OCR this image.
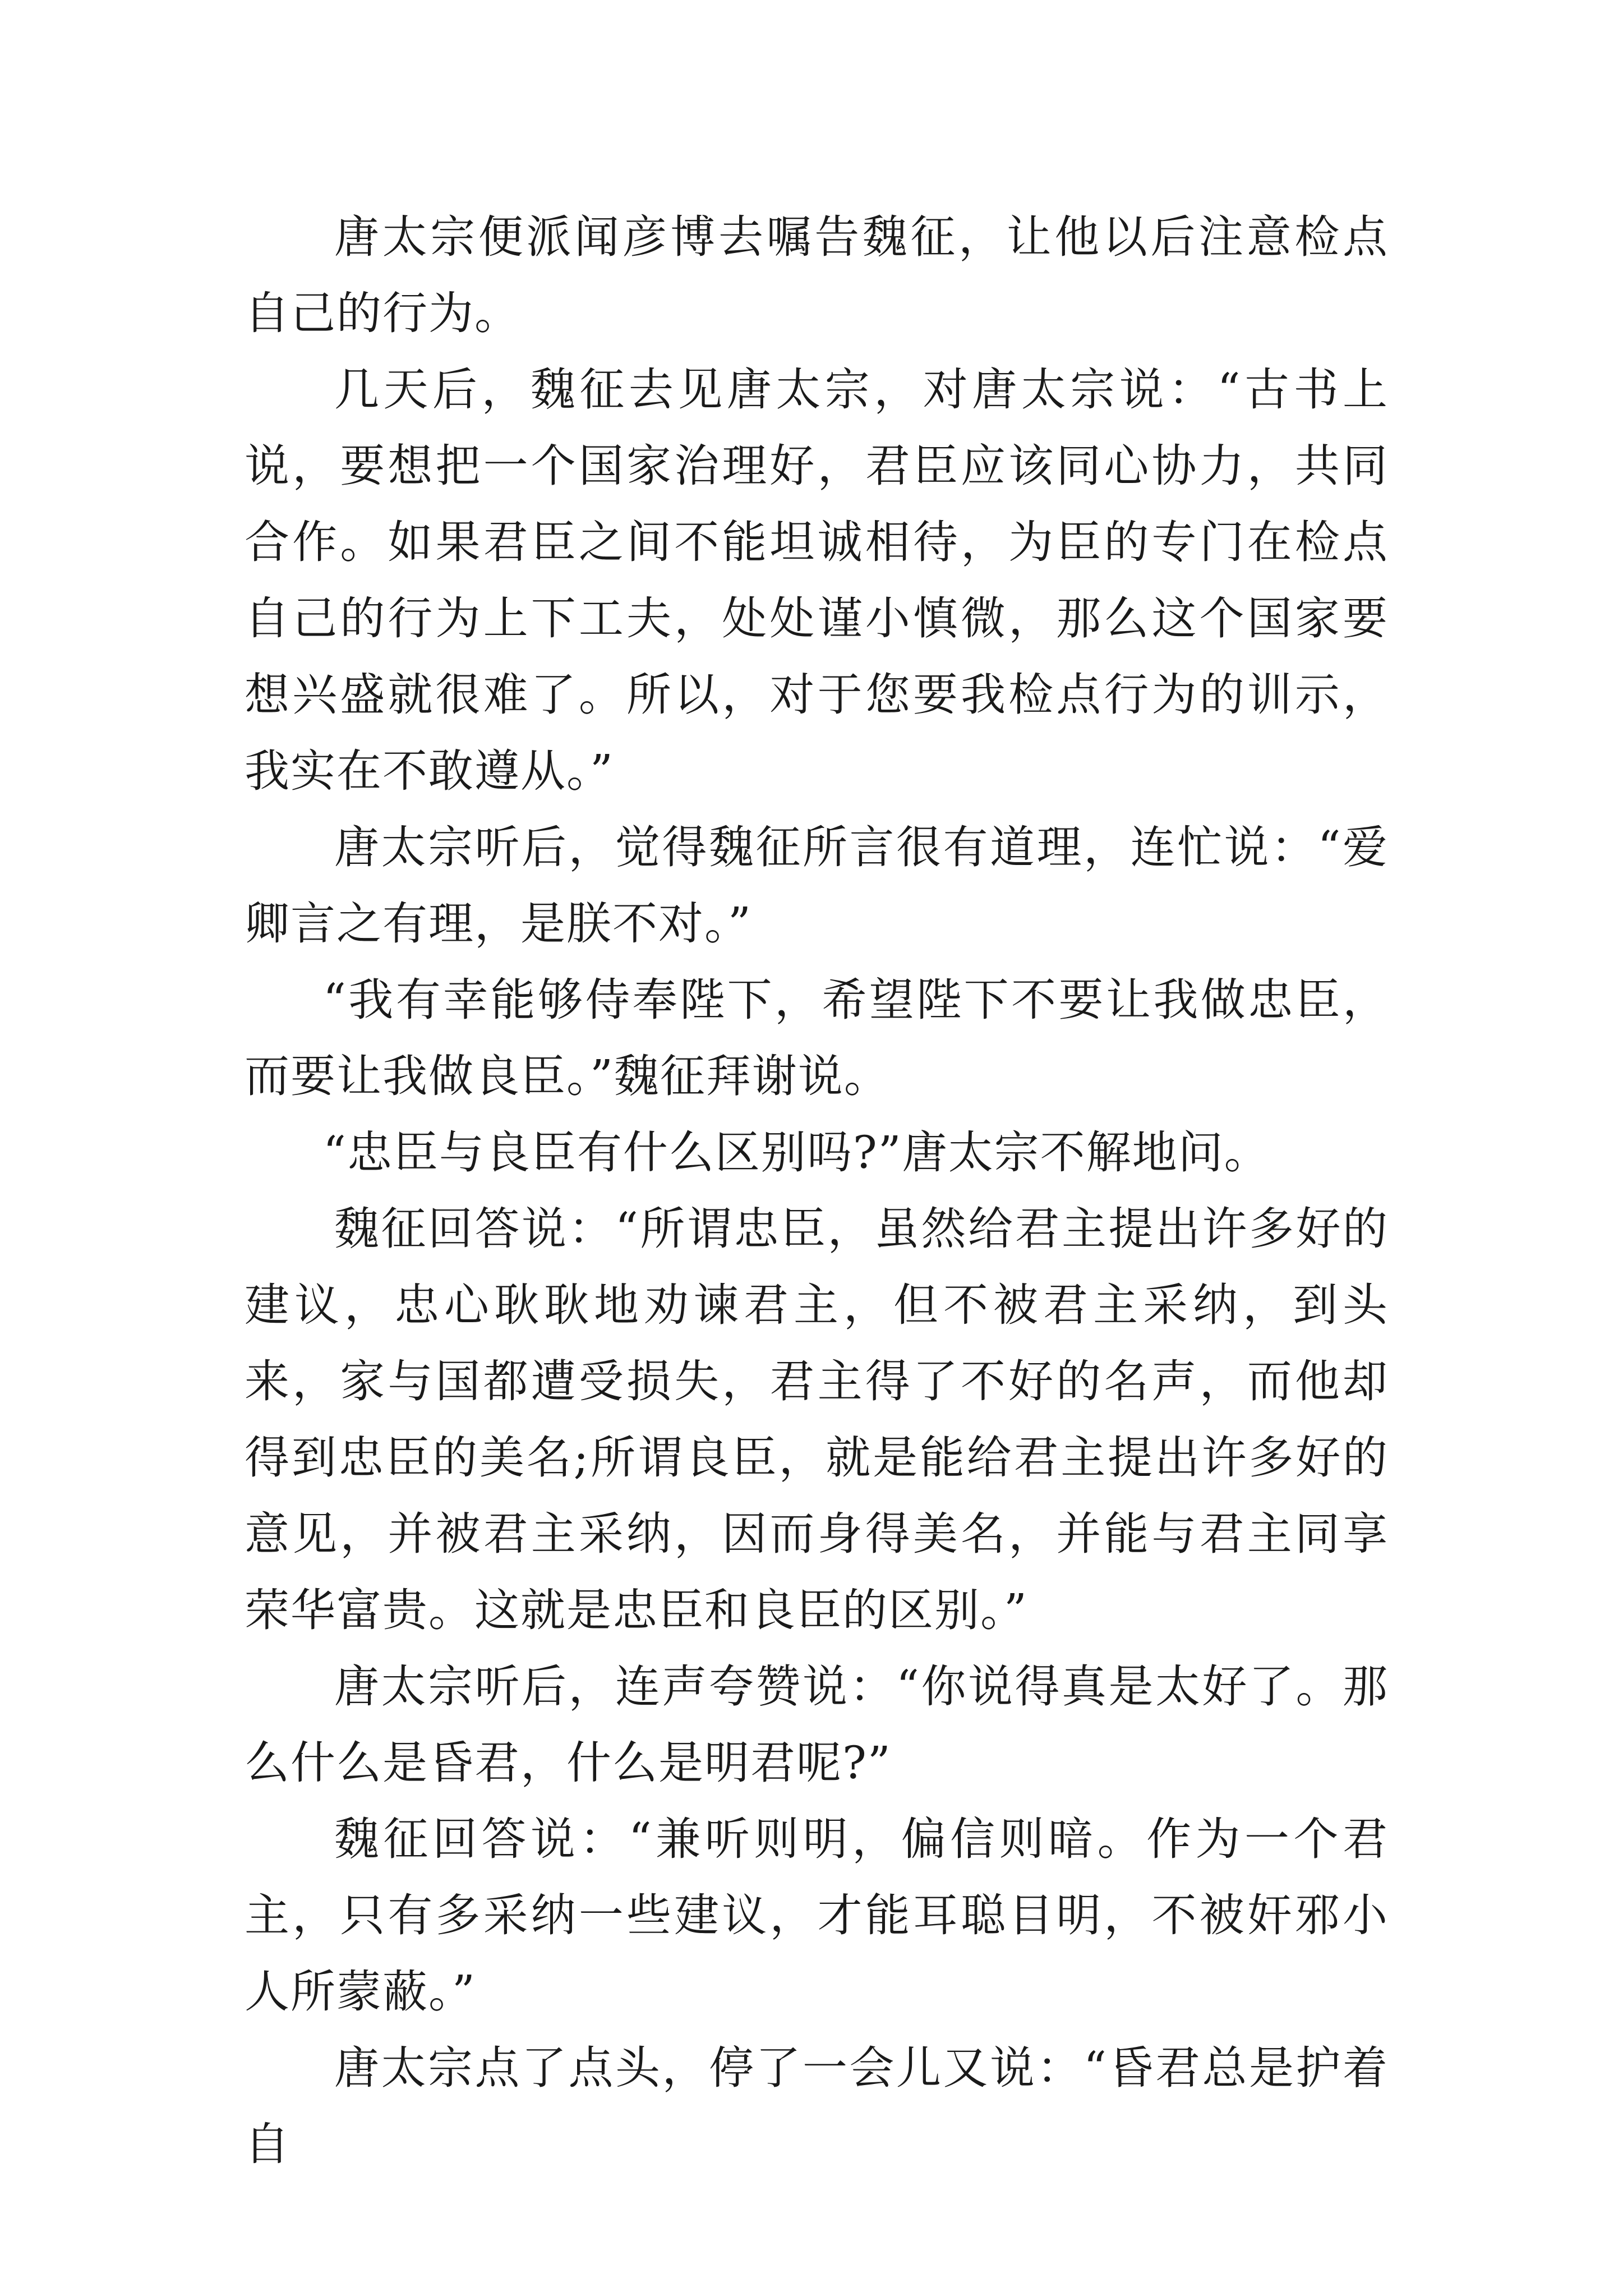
唐太宗便派闻彦博去嘱告魏征，让他以后注意检点自己的行为。

几天后，魏征去见唐太宗，对唐太宗说：“古书上说，要想把一个国家治理好，君臣应该同心协力，共同合作。如果君臣之间不能坦诚相待，为臣的专门在检点自己的行为上下工夫，处处谨小慎微，那么这个国家要想兴盛就很难了。所以，对于您要我检点行为的训示，我实在不敢遵从。”

唐太宗听后，觉得魏征所言很有道理，连忙说：“爱卿言之有理，是朕不对。”

“我有幸能够侍奉陛下，希望陛下不要让我做忠臣，而要让我做良臣。”魏征拜谢说。

“忠臣与良臣有什么区别吗?”唐太宗不解地问。

魏征回答说：“所谓忠臣，虽然给君主提出许多好的建议，忠心耿耿地劝谏君主，但不被君主采纳，到头来，家与国都遭受损失，君主得了不好的名声，而他却得到忠臣的美名;所谓良臣，就是能给君主提出许多好的意见，并被君主采纳，因而身得美名，并能与君主同享荣华富贵。这就是忠臣和良臣的区别。”

唐太宗听后，连声夸赞说：“你说得真是太好了。那么什么是昏君，什么是明君呢?”

魏征回答说：“兼听则明，偏信则暗。作为一个君主，只有多采纳一些建议，才能耳聪目明，不被奸邪小人所蒙蔽。”

唐太宗点了点头，停了一会儿又说：“昏君总是护着自
